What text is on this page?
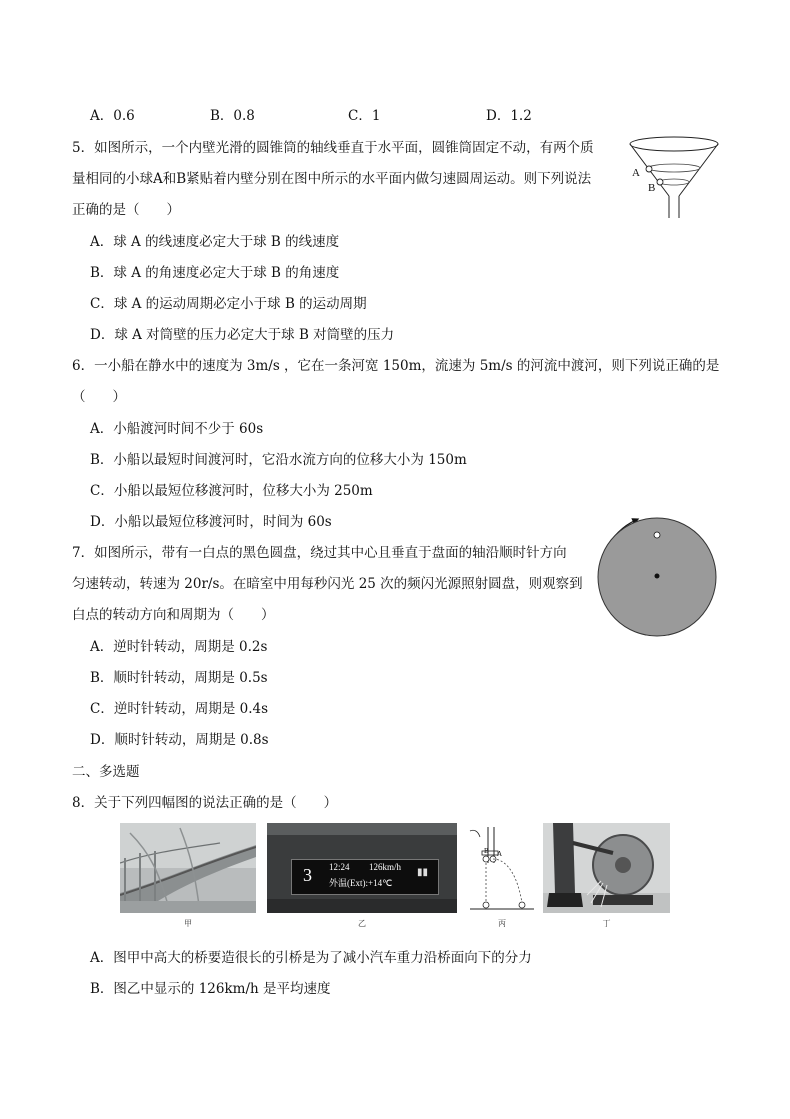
A．0.6	B．0.8	C．1	D．1.2
5．如图所示，一个内壁光滑的圆锥筒的轴线垂直于水平面，圆锥筒固定不动，有两个质
量相同的小球A和B紧贴着内壁分别在图中所示的水平面内做匀速圆周运动。则下列说法
正确的是（　　）
A．球 A 的线速度必定大于球 B 的线速度
B．球 A 的角速度必定大于球 B 的角速度
C．球 A 的运动周期必定小于球 B 的运动周期
D．球 A 对筒壁的压力必定大于球 B 对筒壁的压力
A
B
6．一小船在静水中的速度为 3m/s ，它在一条河宽 150m，流速为 5m/s 的河流中渡河，则下列说正确的是
（　　）
A．小船渡河时间不少于 60s
B．小船以最短时间渡河时，它沿水流方向的位移大小为 150m
C．小船以最短位移渡河时，位移大小为 250m
D．小船以最短位移渡河时，时间为 60s
7．如图所示，带有一白点的黑色圆盘，绕过其中心且垂直于盘面的轴沿顺时针方向
匀速转动，转速为 20r/s。在暗室中用每秒闪光 25 次的频闪光源照射圆盘，则观察到
白点的转动方向和周期为（　　）
A．逆时针转动，周期是 0.2s
B．顺时针转动，周期是 0.5s
C．逆时针转动，周期是 0.4s
D．顺时针转动，周期是 0.8s
二、多选题
8．关于下列四幅图的说法正确的是（　　）
3 12:24 126km/h
外温(Ext):+14℃
▮▮
B A
甲	乙	丙	丁
A．图甲中高大的桥要造很长的引桥是为了减小汽车重力沿桥面向下的分力
B．图乙中显示的 126km/h 是平均速度
